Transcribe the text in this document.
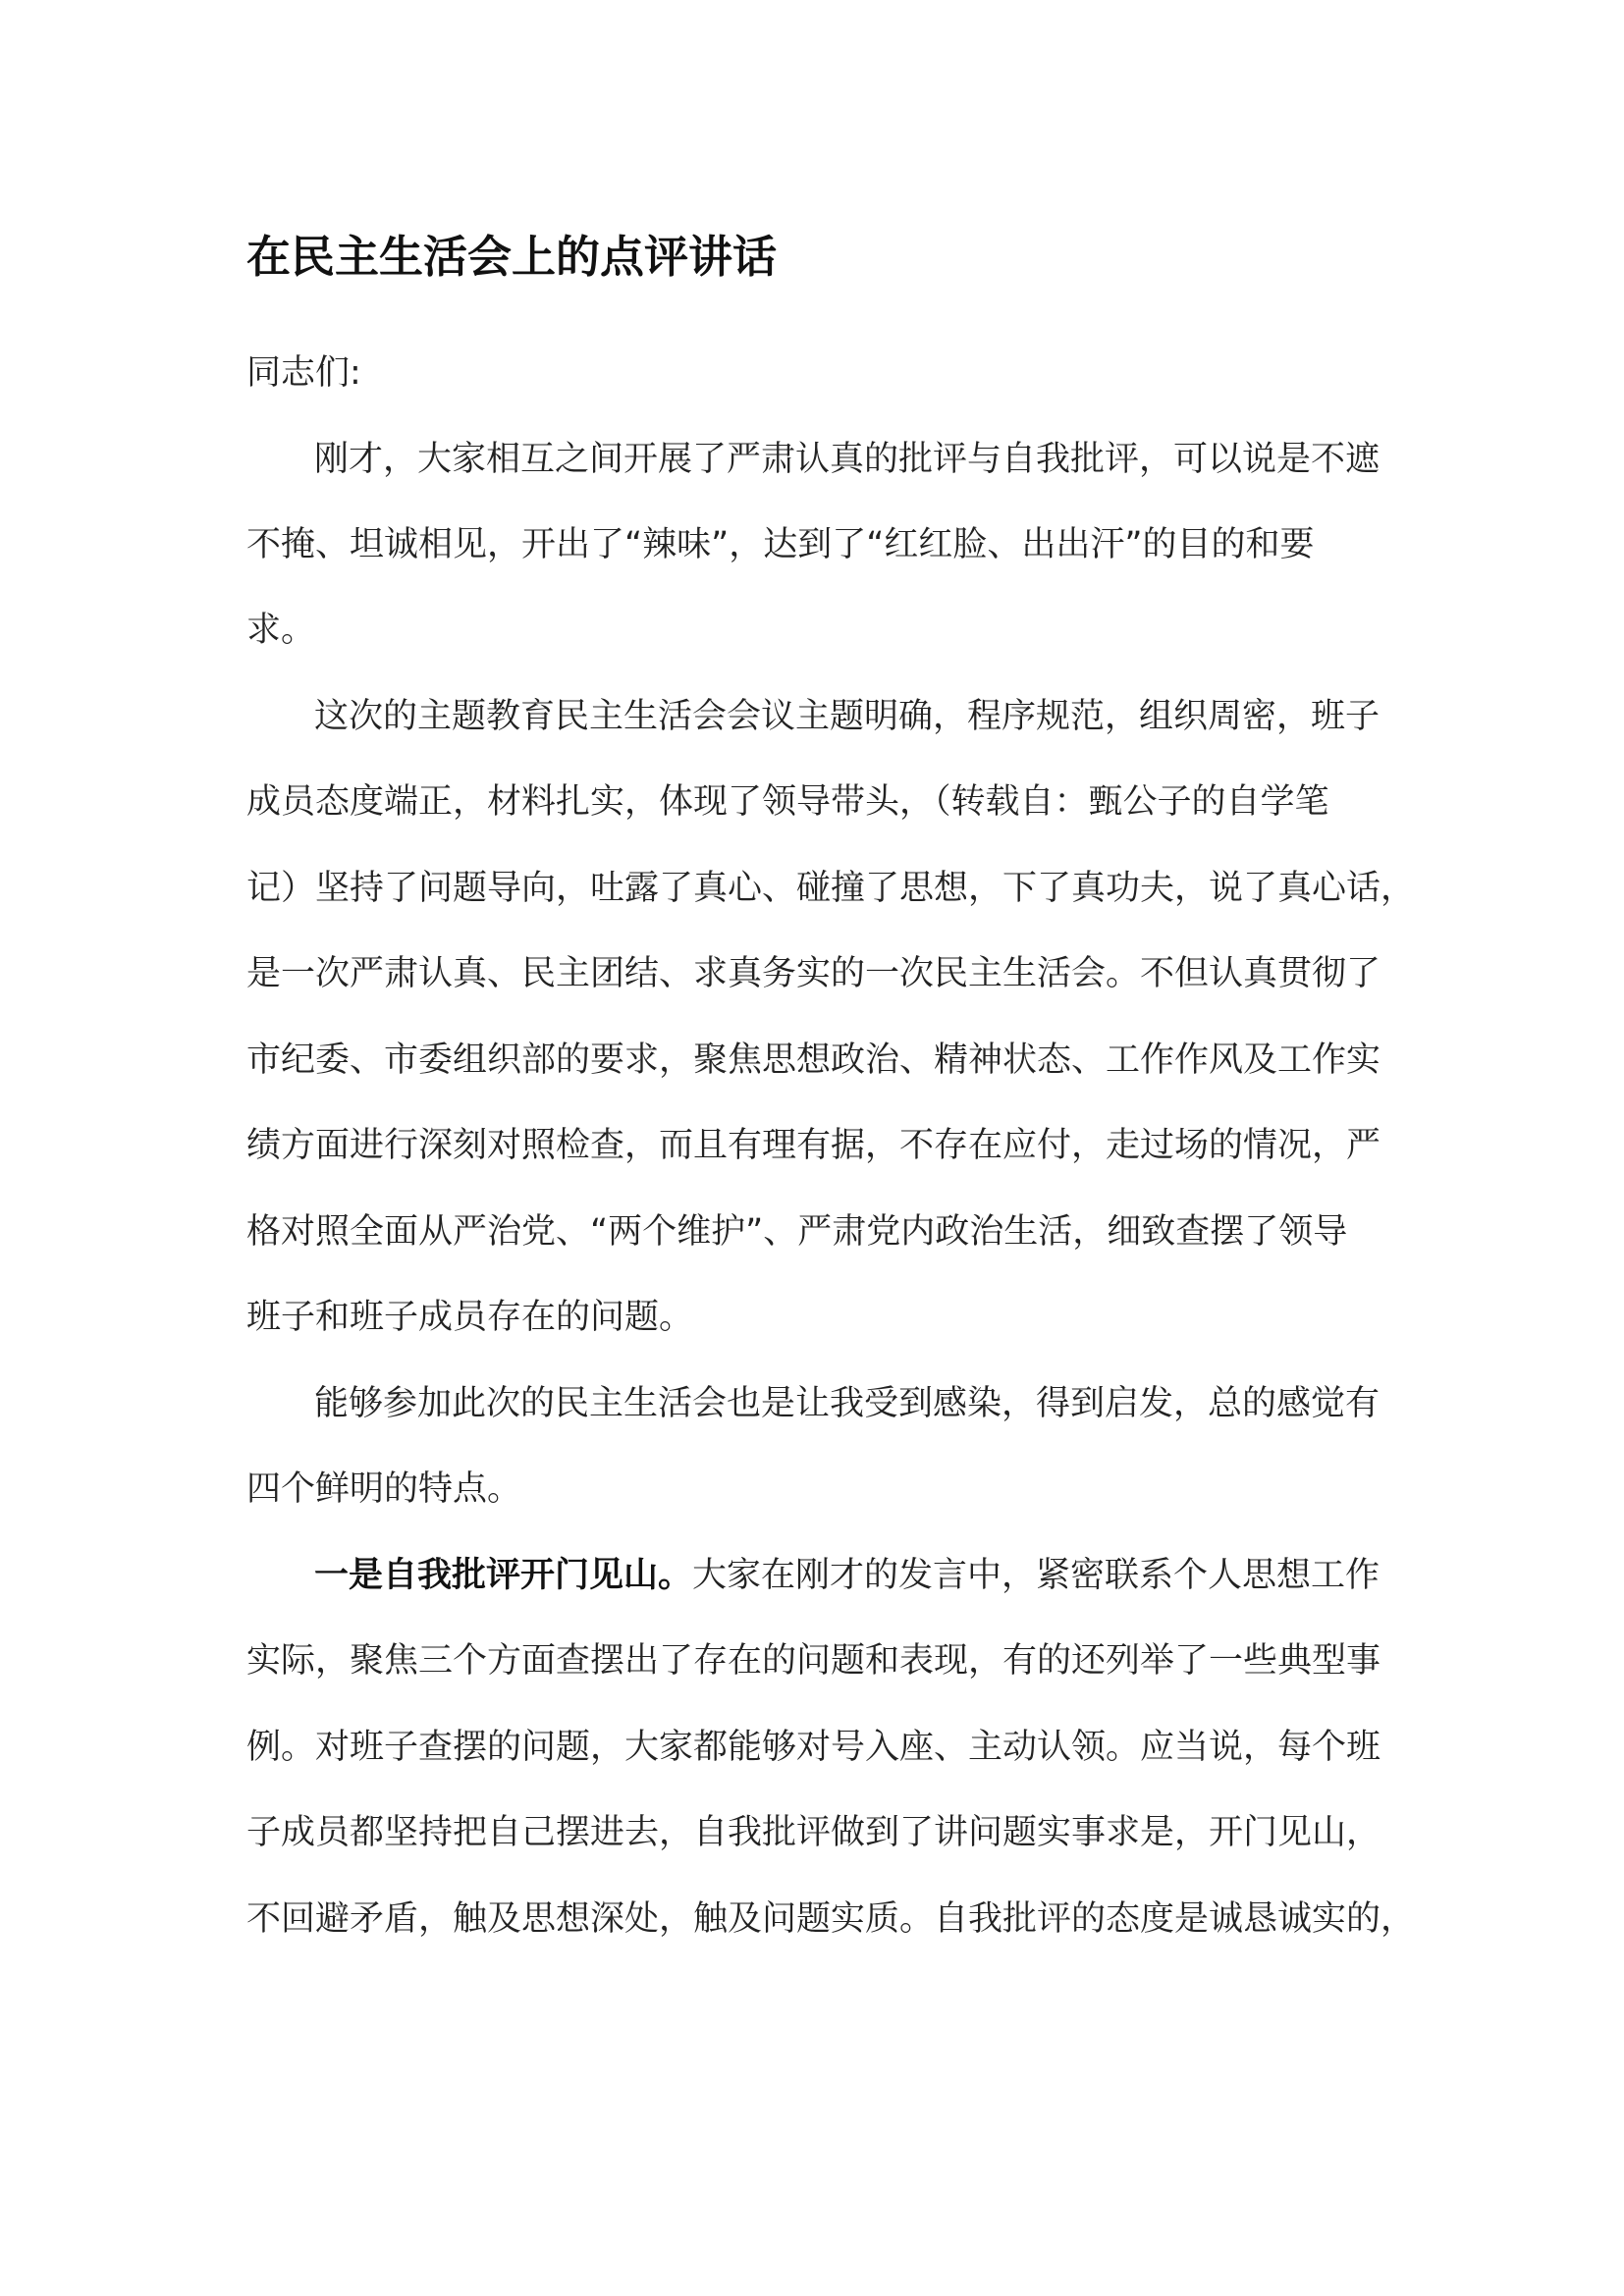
在民主生活会上的点评讲话

同志们:

刚才，大家相互之间开展了严肃认真的批评与自我批评，可以说是不遮

不掩、坦诚相见，开出了“辣味”，达到了“红红脸、出出汗”的目的和要

求。

这次的主题教育民主生活会会议主题明确，程序规范，组织周密，班子

成员态度端正，材料扎实，体现了领导带头，（转载自：甄公子的自学笔

记）坚持了问题导向，吐露了真心、碰撞了思想，下了真功夫，说了真心话，

是一次严肃认真、民主团结、求真务实的一次民主生活会。不但认真贯彻了

市纪委、市委组织部的要求，聚焦思想政治、精神状态、工作作风及工作实

绩方面进行深刻对照检查，而且有理有据，不存在应付，走过场的情况，严

格对照全面从严治党、“两个维护”、严肃党内政治生活，细致查摆了领导

班子和班子成员存在的问题。

能够参加此次的民主生活会也是让我受到感染，得到启发，总的感觉有

四个鲜明的特点。

一是自我批评开门见山。大家在刚才的发言中，紧密联系个人思想工作

实际，聚焦三个方面查摆出了存在的问题和表现，有的还列举了一些典型事

例。对班子查摆的问题，大家都能够对号入座、主动认领。应当说，每个班

子成员都坚持把自己摆进去，自我批评做到了讲问题实事求是，开门见山，

不回避矛盾，触及思想深处，触及问题实质。自我批评的态度是诚恳诚实的，
